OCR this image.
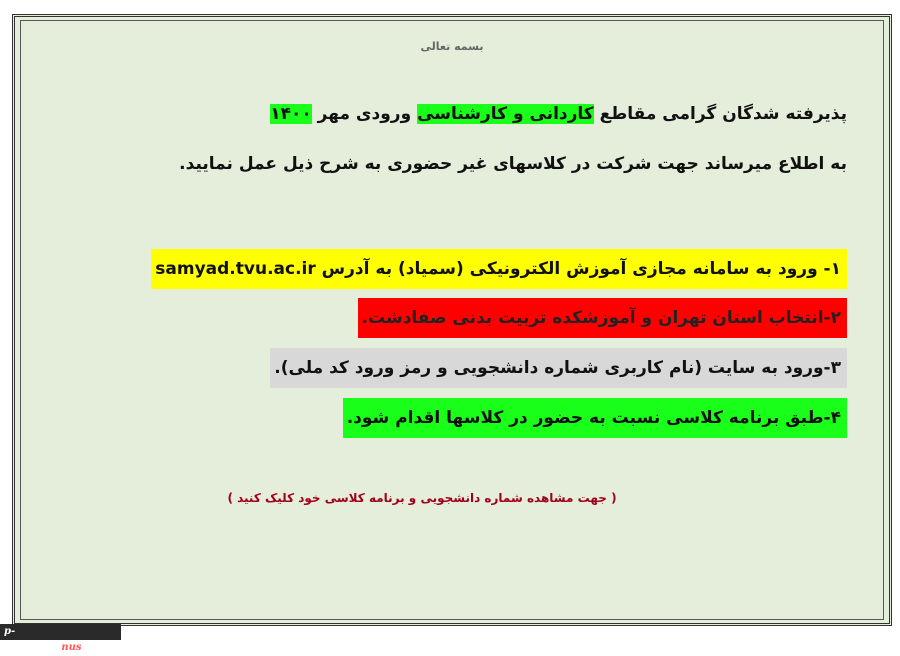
بسمه تعالی
پذیرفته شدگان گرامی مقاطع کاردانی و کارشناسی ورودی مهر ۱۴۰۰
به اطلاع میرساند جهت شرکت در کلاسهای غیر حضوری به شرح ذیل عمل نمایید.
۱- ورود به سامانه مجازی آموزش الکترونیکی (سمیاد) به آدرس samyad.tvu.ac.ir
۲-انتخاب استان تهران و آموزشکده تربیت بدنی صفادشت.
۳-ورود به سایت (نام کاربری شماره دانشجویی و رمز ورود کد ملی).
۴-طبق برنامه کلاسی نسبت به حضور در کلاسها اقدام شود.
( جهت مشاهده شماره دانشجویی و برنامه کلاسی خود کلیک کنید )
p-safadasht.nus.ac.ir
